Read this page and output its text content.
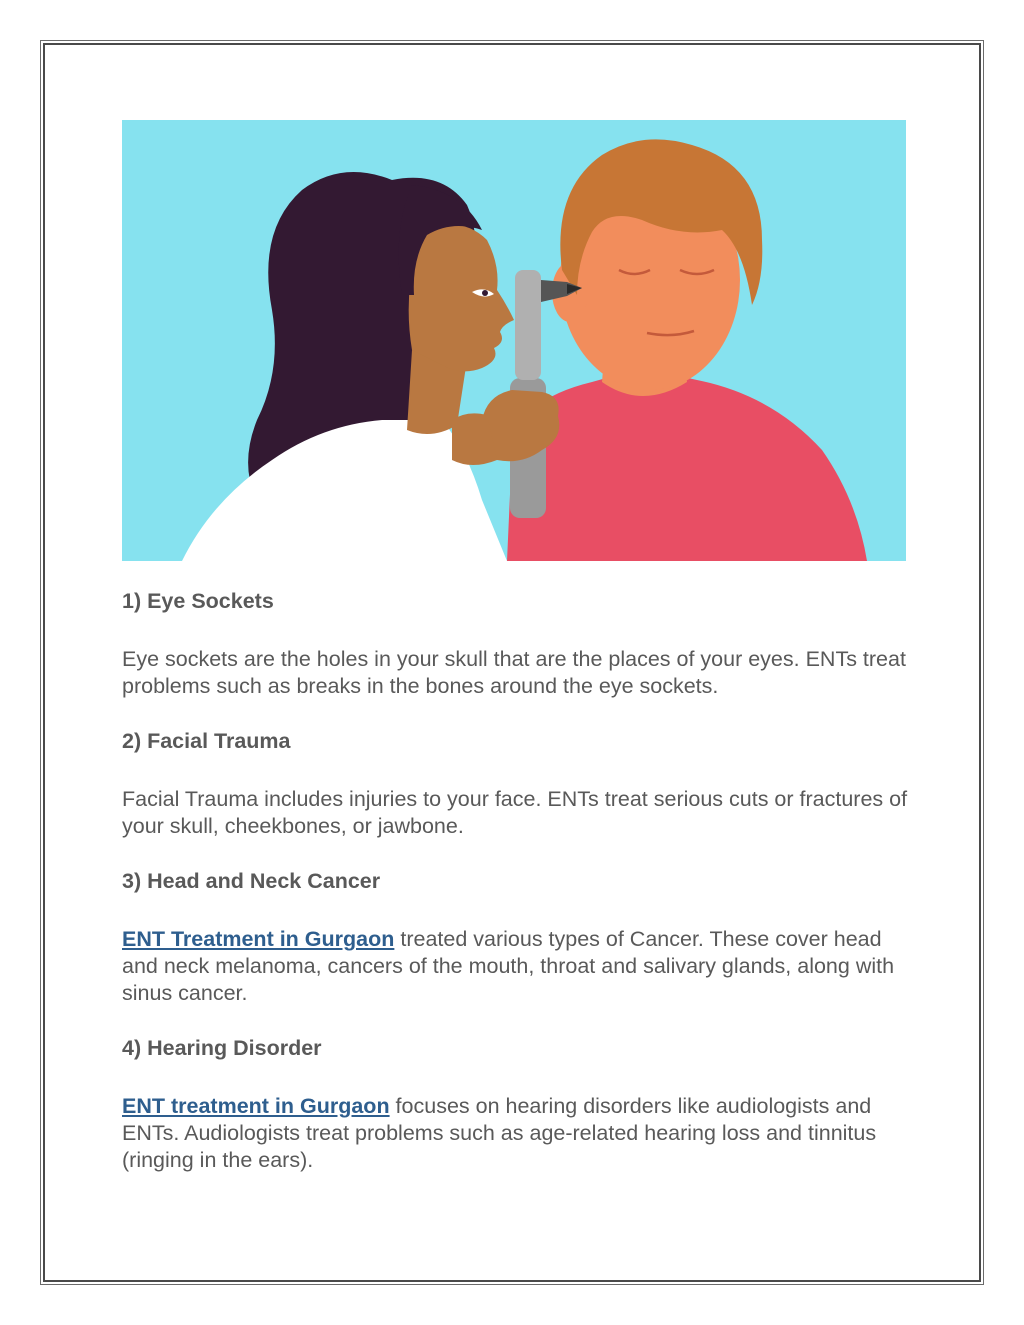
1) Eye Sockets

Eye sockets are the holes in your skull that are the places of your eyes. ENTs treat problems such as breaks in the bones around the eye sockets.

2) Facial Trauma

Facial Trauma includes injuries to your face. ENTs treat serious cuts or fractures of your skull, cheekbones, or jawbone.

3) Head and Neck Cancer

ENT Treatment in Gurgaon treated various types of Cancer. These cover head and neck melanoma, cancers of the mouth, throat and salivary glands, along with sinus cancer.

4) Hearing Disorder

ENT treatment in Gurgaon focuses on hearing disorders like audiologists and ENTs. Audiologists treat problems such as age-related hearing loss and tinnitus (ringing in the ears).
